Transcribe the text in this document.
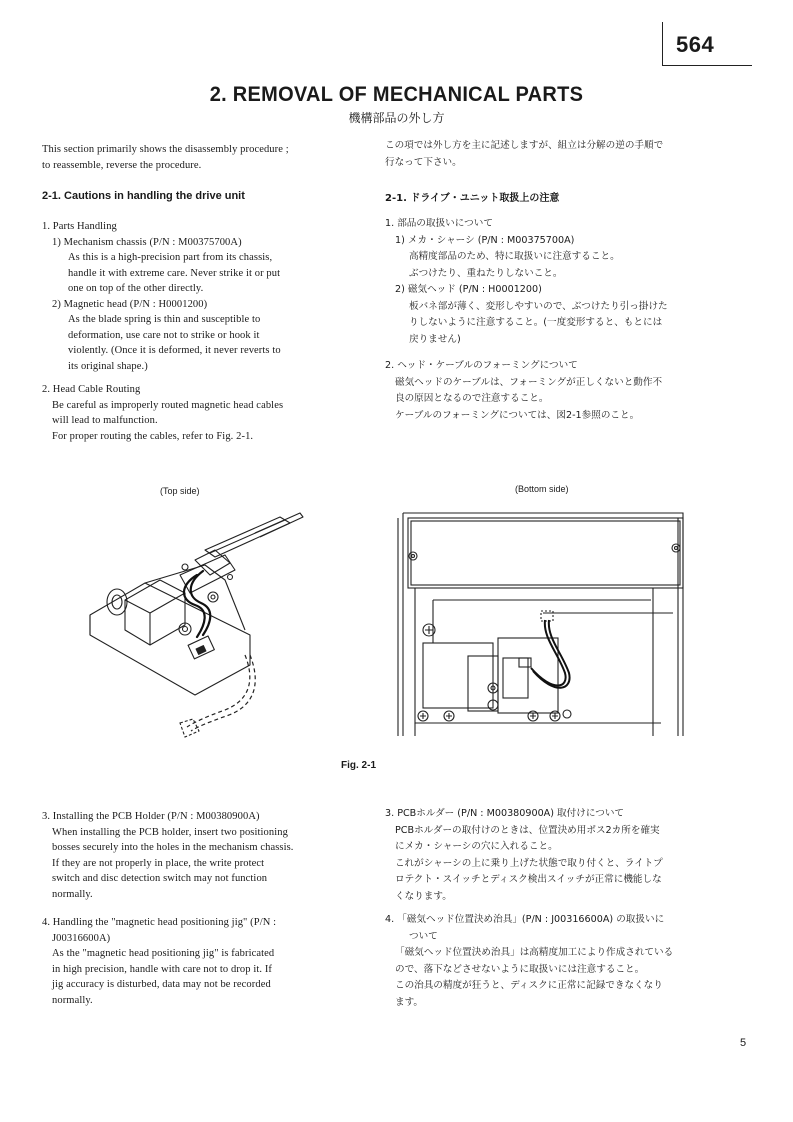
564
2. REMOVAL OF MECHANICAL PARTS
機構部品の外し方
This section primarily shows the disassembly procedure ;
to reassemble, reverse the procedure.
この項では外し方を主に記述しますが、組立は分解の逆の手順で
行なって下さい。
2-1. Cautions in handling the drive unit	2-1. ドライブ・ユニット取扱上の注意
1. Parts Handling
1) Mechanism chassis (P/N : M00375700A)
As this is a high-precision part from its chassis,
handle it with extreme care. Never strike it or put
one on top of the other directly.
2) Magnetic head (P/N : H0001200)
As the blade spring is thin and susceptible to
deformation, use care not to strike or hook it
violently. (Once it is deformed, it never reverts to
its original shape.)
2. Head Cable Routing
Be careful as improperly routed magnetic head cables
will lead to malfunction.
For proper routing the cables, refer to Fig. 2-1.
1. 部品の取扱いについて
1) メカ・シャーシ (P/N : M00375700A)
高精度部品のため、特に取扱いに注意すること。
ぶつけたり、重ねたりしないこと。
2) 磁気ヘッド (P/N : H0001200)
板バネ部が薄く、変形しやすいので、ぶつけたり引っ掛けた
りしないように注意すること。(一度変形すると、もとには
戻りません)
2. ヘッド・ケーブルのフォーミングについて
磁気ヘッドのケーブルは、フォーミングが正しくないと動作不
良の原因となるので注意すること。
ケーブルのフォーミングについては、図2-1参照のこと。
(Top side)	(Bottom side)
Fig. 2-1
3. Installing the PCB Holder (P/N : M00380900A)
When installing the PCB holder, insert two positioning
bosses securely into the holes in the mechanism chassis.
If they are not properly in place, the write protect
switch and disc detection switch may not function
normally.
3. PCBホルダー (P/N : M00380900A) 取付けについて
PCBホルダーの取付けのときは、位置決め用ボス2カ所を確実
にメカ・シャーシの穴に入れること。
これがシャーシの上に乗り上げた状態で取り付くと、ライトプ
ロテクト・スイッチとディスク検出スイッチが正常に機能しな
くなります。
4. Handling the "magnetic head positioning jig" (P/N :
J00316600A)
As the "magnetic head positioning jig" is fabricated
in high precision, handle with care not to drop it. If
jig accuracy is disturbed, data may not be recorded
normally.
4. 「磁気ヘッド位置決め治具」(P/N : J00316600A) の取扱いに
ついて
「磁気ヘッド位置決め治具」は高精度加工により作成されている
ので、落下などさせないように取扱いには注意すること。
この治具の精度が狂うと、ディスクに正常に記録できなくなり
ます。
5
